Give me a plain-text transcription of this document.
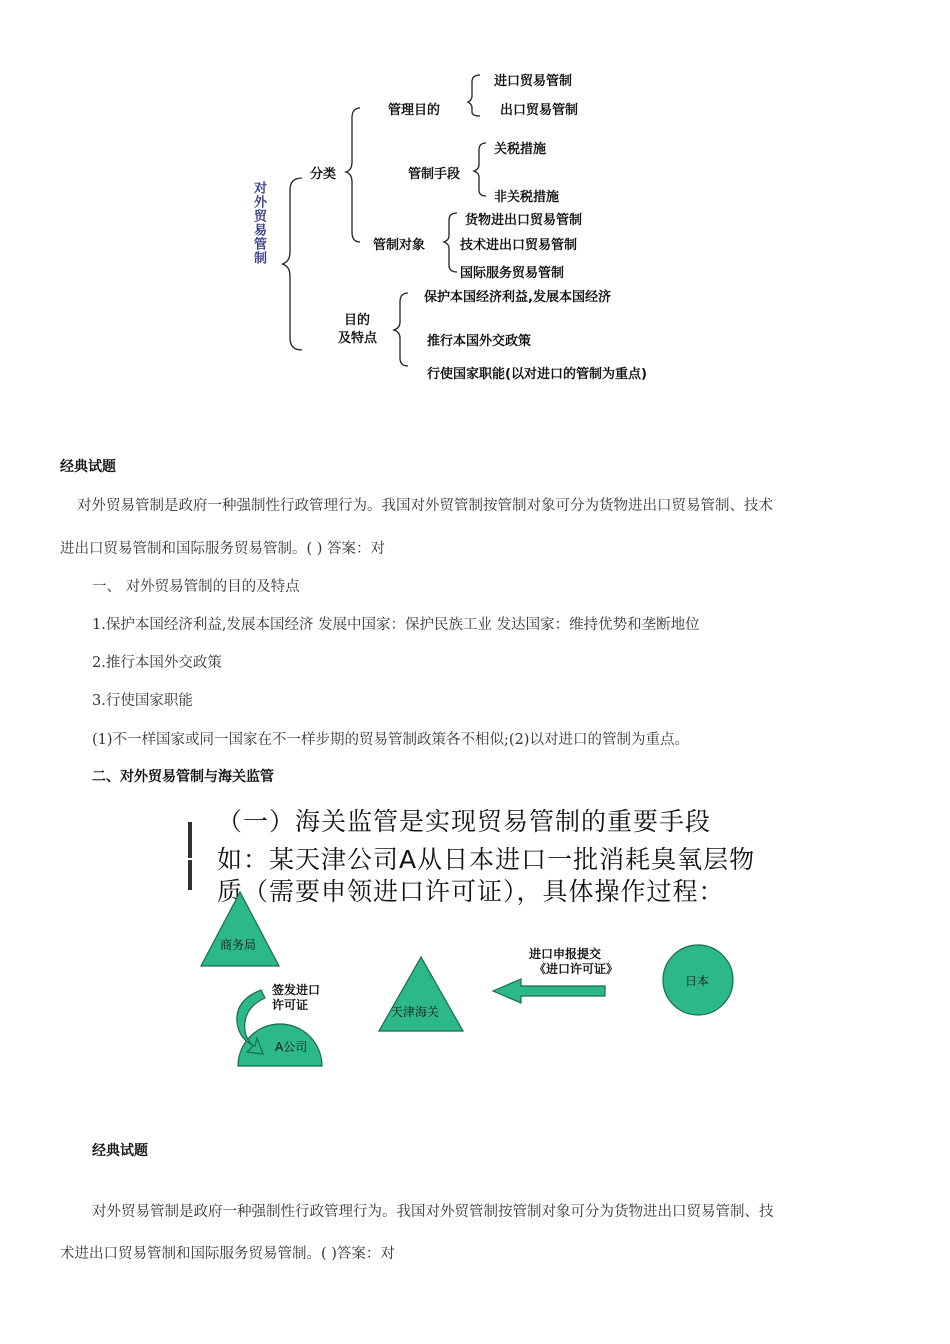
对外贸易管制
分类
管理目的
进口贸易管制
出口贸易管制
管制手段
关税措施
非关税措施
管制对象
货物进出口贸易管制
技术进出口贸易管制
国际服务贸易管制
目的
及特点
保护本国经济利益,发展本国经济
推行本国外交政策
行使国家职能(以对进口的管制为重点)
经典试题
对外贸易管制是政府一种强制性行政管理行为。我国对外贸管制按管制对象可分为货物进出口贸易管制、技术
进出口贸易管制和国际服务贸易管制。( ) 答案：对
一、 对外贸易管制的目的及特点
1.保护本国经济利益,发展本国经济 发展中国家：保护民族工业 发达国家：维持优势和垄断地位
2.推行本国外交政策
3.行使国家职能
(1)不一样国家或同一国家在不一样步期的贸易管制政策各不相似;(2)以对进口的管制为重点。
二、对外贸易管制与海关监管
（一）海关监管是实现贸易管制的重要手段
如：某天津公司A从日本进口一批消耗臭氧层物
质（需要申领进口许可证），具体操作过程：
商务局
天津海关
日本
A公司
签发进口
许可证
进口申报提交
《进口许可证》
经典试题
对外贸易管制是政府一种强制性行政管理行为。我国对外贸管制按管制对象可分为货物进出口贸易管制、技
术进出口贸易管制和国际服务贸易管制。( )答案：对
